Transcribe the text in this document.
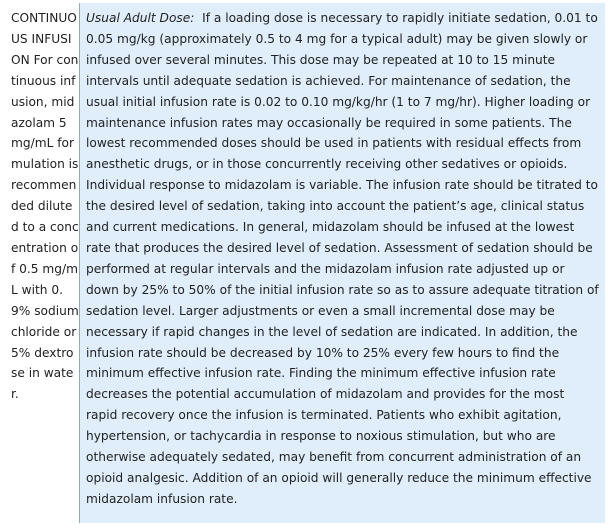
CONTINUOUS INFUSION For continuous infusion, midazolam 5 mg/mL formulation is recommended diluted to a concentration of 0.5 mg/mL with 0.9% sodium chloride or 5% dextrose in water.
Usual Adult Dose: If a loading dose is necessary to rapidly initiate sedation, 0.01 to 0.05 mg/kg (approximately 0.5 to 4 mg for a typical adult) may be given slowly or infused over several minutes. This dose may be repeated at 10 to 15 minute intervals until adequate sedation is achieved. For maintenance of sedation, the usual initial infusion rate is 0.02 to 0.10 mg/kg/hr (1 to 7 mg/hr). Higher loading or maintenance infusion rates may occasionally be required in some patients. The lowest recommended doses should be used in patients with residual effects from anesthetic drugs, or in those concurrently receiving other sedatives or opioids. Individual response to midazolam is variable. The infusion rate should be titrated to the desired level of sedation, taking into account the patient’s age, clinical status and current medications. In general, midazolam should be infused at the lowest rate that produces the desired level of sedation. Assessment of sedation should be performed at regular intervals and the midazolam infusion rate adjusted up or down by 25% to 50% of the initial infusion rate so as to assure adequate titration of sedation level. Larger adjustments or even a small incremental dose may be necessary if rapid changes in the level of sedation are indicated. In addition, the infusion rate should be decreased by 10% to 25% every few hours to find the minimum effective infusion rate. Finding the minimum effective infusion rate decreases the potential accumulation of midazolam and provides for the most rapid recovery once the infusion is terminated. Patients who exhibit agitation, hypertension, or tachycardia in response to noxious stimulation, but who are otherwise adequately sedated, may benefit from concurrent administration of an opioid analgesic. Addition of an opioid will generally reduce the minimum effective midazolam infusion rate.
